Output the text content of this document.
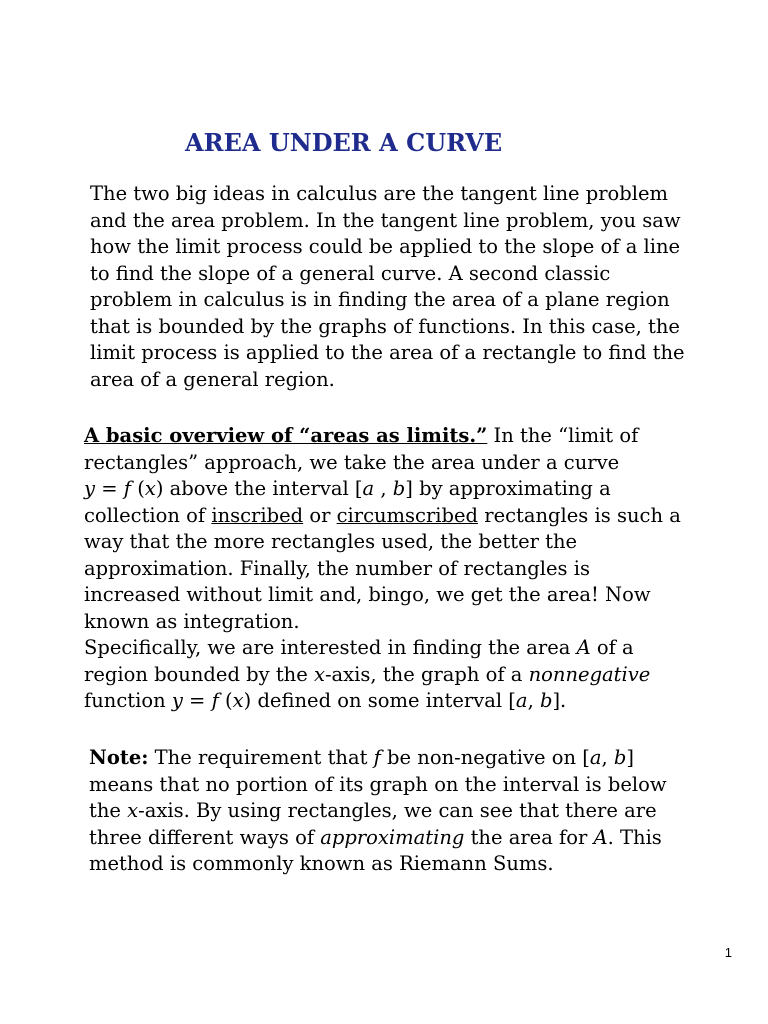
AREA UNDER A CURVE
The two big ideas in calculus are the tangent line problem
and the area problem. In the tangent line problem, you saw
how the limit process could be applied to the slope of a line
to find the slope of a general curve. A second classic
problem in calculus is in finding the area of a plane region
that is bounded by the graphs of functions. In this case, the
limit process is applied to the area of a rectangle to find the
area of a general region.
A basic overview of “areas as limits.” In the “limit of
rectangles” approach, we take the area under a curve
y = f (x) above the interval [a , b] by approximating a
collection of inscribed or circumscribed rectangles is such a
way that the more rectangles used, the better the
approximation. Finally, the number of rectangles is
increased without limit and, bingo, we get the area! Now
known as integration.
Specifically, we are interested in finding the area A of a
region bounded by the x-axis, the graph of a nonnegative
function y = f (x) defined on some interval [a, b].
Note: The requirement that f be non-negative on [a, b]
means that no portion of its graph on the interval is below
the x-axis. By using rectangles, we can see that there are
three different ways of approximating the area for A. This
method is commonly known as Riemann Sums.
1
